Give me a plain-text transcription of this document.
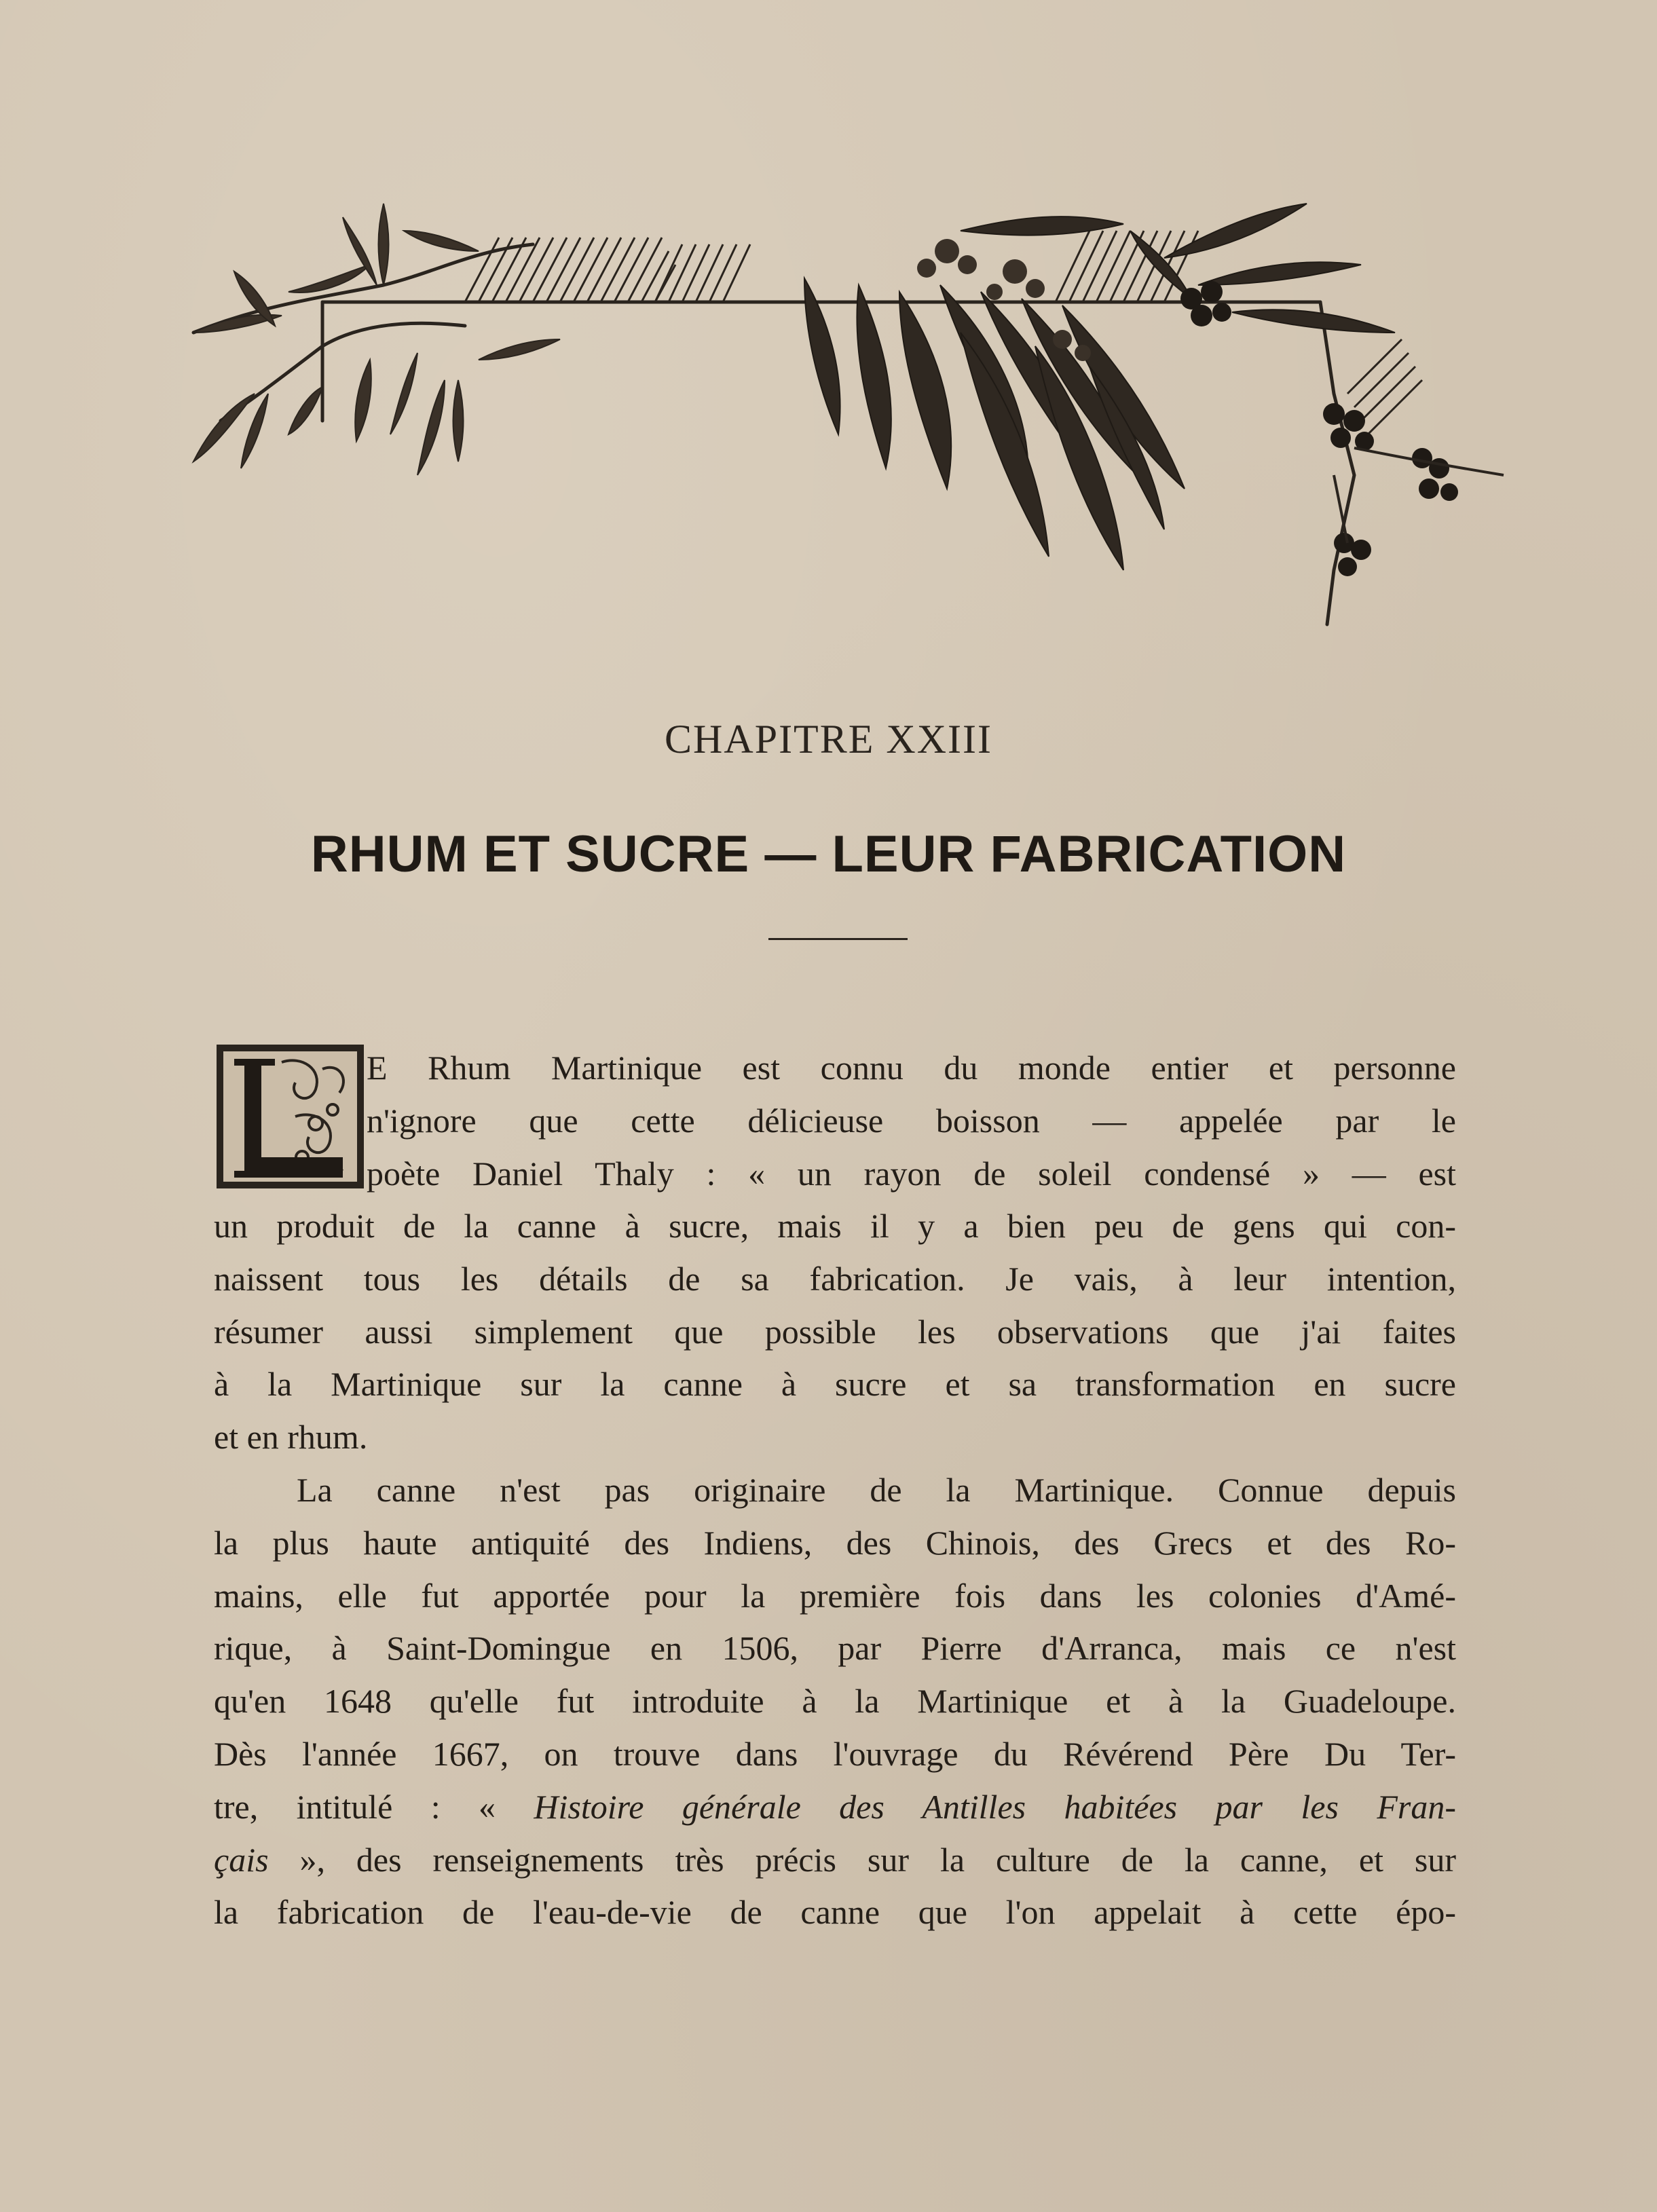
CHAPITRE XXIII
RHUM ET SUCRE — LEUR FABRICATION
E Rhum Martinique est connu du monde entier et personne
n'ignore que cette délicieuse boisson — appelée par le
poète Daniel Thaly : « un rayon de soleil condensé » — est
un produit de la canne à sucre, mais il y a bien peu de gens qui con-
naissent tous les détails de sa fabrication. Je vais, à leur intention,
résumer aussi simplement que possible les observations que j'ai faites
à la Martinique sur la canne à sucre et sa transformation en sucre
et en rhum.
La canne n'est pas originaire de la Martinique. Connue depuis
la plus haute antiquité des Indiens, des Chinois, des Grecs et des Ro-
mains, elle fut apportée pour la première fois dans les colonies d'Amé-
rique, à Saint-Domingue en 1506, par Pierre d'Arranca, mais ce n'est
qu'en 1648 qu'elle fut introduite à la Martinique et à la Guadeloupe.
Dès l'année 1667, on trouve dans l'ouvrage du Révérend Père Du Ter-
tre, intitulé : « Histoire générale des Antilles habitées par les Fran-
çais », des renseignements très précis sur la culture de la canne, et sur
la fabrication de l'eau-de-vie de canne que l'on appelait à cette épo-
